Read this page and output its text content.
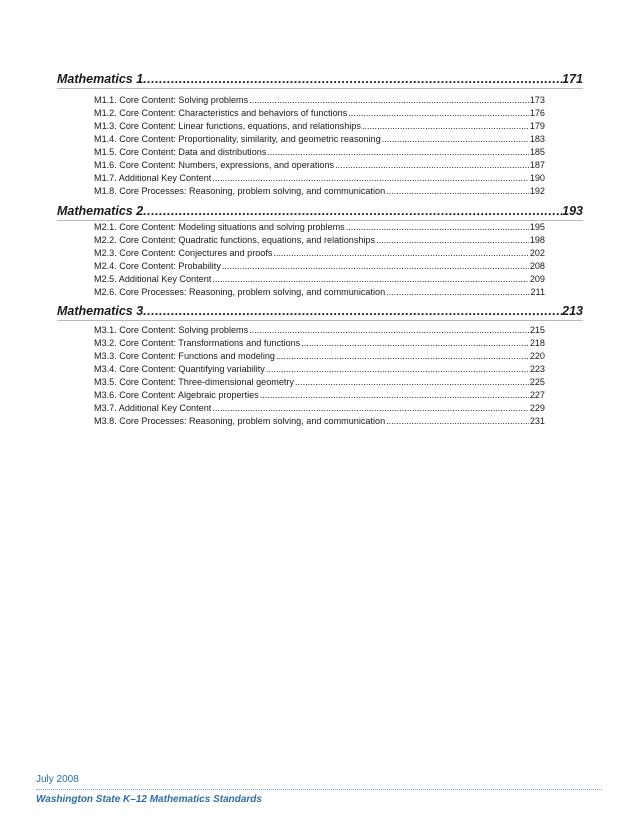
Mathematics 1 .....	171
M1.1. Core Content: Solving problems .....	173
M1.2. Core Content: Characteristics and behaviors of functions .....	176
M1.3. Core Content: Linear functions, equations, and relationships .....	179
M1.4. Core Content: Proportionality, similarity, and geometric reasoning .....	183
M1.5. Core Content: Data and distributions .....	185
M1.6. Core Content: Numbers, expressions, and operations .....	187
M1.7. Additional Key Content .....	190
M1.8. Core Processes: Reasoning, problem solving, and communication .....	192
Mathematics 2 .....	193
M2.1. Core Content: Modeling situations and solving problems .....	195
M2.2. Core Content: Quadratic functions, equations, and relationships .....	198
M2.3. Core Content: Conjectures and proofs .....	202
M2.4. Core Content: Probability .....	208
M2.5. Additional Key Content .....	209
M2.6. Core Processes: Reasoning, problem solving, and communication .....	211
Mathematics 3 .....	213
M3.1. Core Content: Solving problems .....	215
M3.2. Core Content: Transformations and functions .....	218
M3.3. Core Content: Functions and modeling .....	220
M3.4. Core Content: Quantifying variability .....	223
M3.5. Core Content: Three-dimensional geometry .....	225
M3.6. Core Content: Algebraic properties .....	227
M3.7. Additional Key Content .....	229
M3.8. Core Processes: Reasoning, problem solving, and communication .....	231
July 2008
Washington State K–12 Mathematics Standards
